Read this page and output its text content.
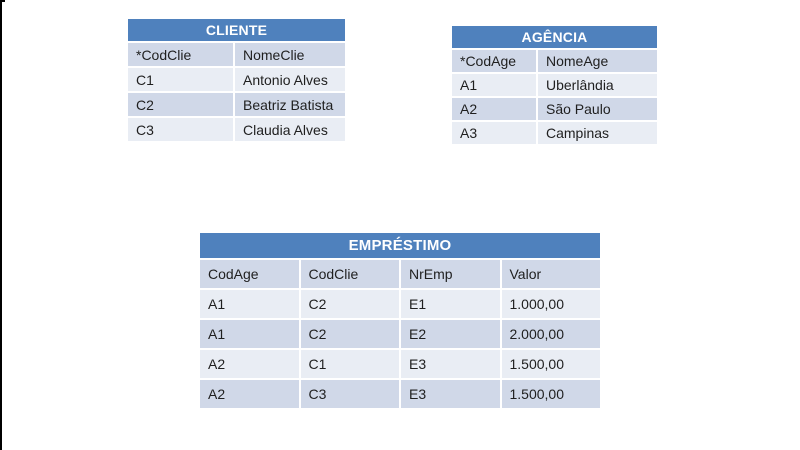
CLIENTE
*CodClie	NomeClie
C1	Antonio Alves
C2	Beatriz Batista
C3	Claudia Alves
AGÊNCIA
*CodAge	NomeAge
A1	Uberlândia
A2	São Paulo
A3	Campinas
EMPRÉSTIMO
CodAge	CodClie	NrEmp	Valor
A1	C2	E1	1.000,00
A1	C2	E2	2.000,00
A2	C1	E3	1.500,00
A2	C3	E3	1.500,00
